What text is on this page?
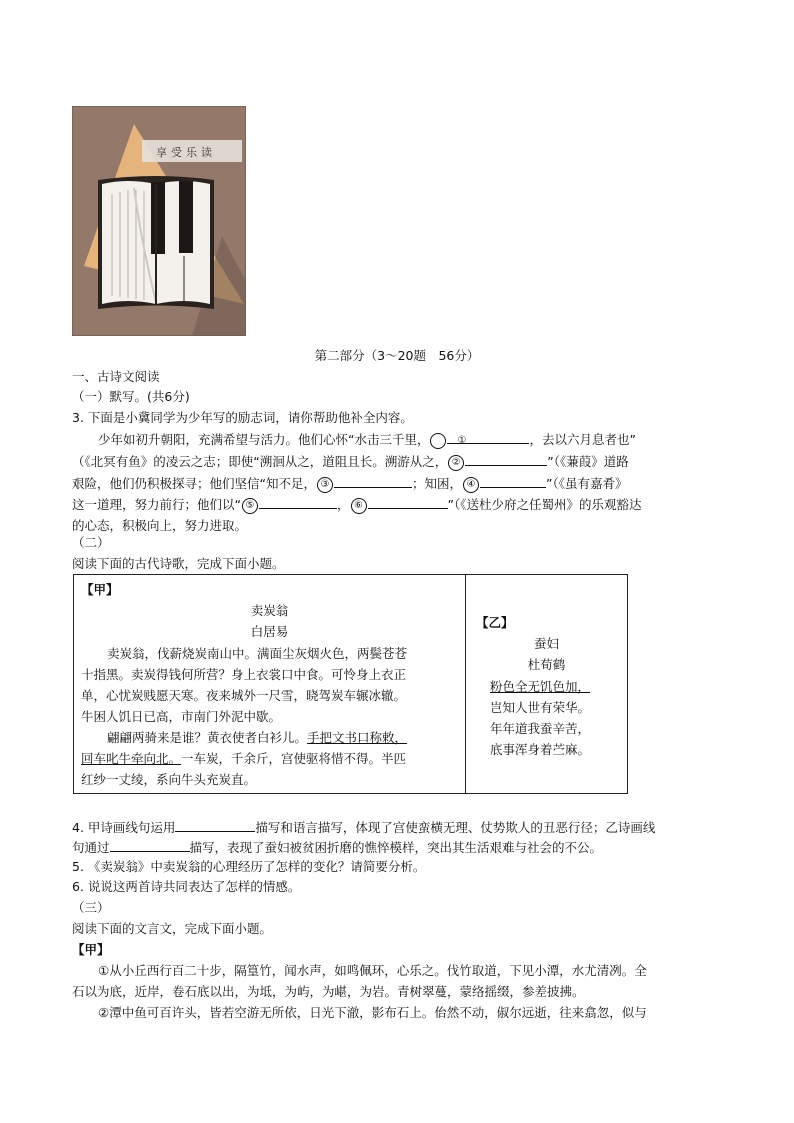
享受乐读
第二部分（3～20题　56分）
一、古诗文阅读
（一）默写。(共6分)
3. 下面是小冀同学为少年写的励志词，请你帮助他补全内容。
少年如初升朝阳，充满希望与活力。他们心怀“水击三千里，	①	，去以六月息者也”
（《北冥有鱼》的凌云之志；即使“溯洄从之，道阻且长。溯游从之， ②	”（《蒹葭》道路
艰险，他们仍积极探寻；他们坚信“知不足， ③	；知困， ④	”（《虽有嘉肴》
这一道理，努力前行；他们以“ ⑤	， ⑥	”（《送杜少府之任蜀州》的乐观豁达
的心态，积极向上，努力进取。
（二）
阅读下面的古代诗歌，完成下面小题。
【甲】
卖炭翁
白居易
卖炭翁，伐薪烧炭南山中。满面尘灰烟火色，两鬓苍苍
十指黑。卖炭得钱何所营？身上衣裳口中食。可怜身上衣正
单，心忧炭贱愿天寒。夜来城外一尺雪，晓驾炭车辗冰辙。
牛困人饥日已高，市南门外泥中歇。
翩翩两骑来是谁？黄衣使者白衫儿。手把文书口称敕，
回车叱牛牵向北。一车炭，千余斤，宫使驱将惜不得。半匹
红纱一丈绫，系向牛头充炭直。
【乙】
蚕妇
杜荀鹤
粉色全无饥色加，
岂知人世有荣华。
年年道我蚕辛苦，
底事浑身着苎麻。
4. 甲诗画线句运用	描写和语言描写，体现了宫使蛮横无理、仗势欺人的丑恶行径；乙诗画线
句通过	描写，表现了蚕妇被贫困折磨的憔悴模样，突出其生活艰难与社会的不公。
5. 《卖炭翁》中卖炭翁的心理经历了怎样的变化？请简要分析。
6. 说说这两首诗共同表达了怎样的情感。
（三）
阅读下面的文言文，完成下面小题。
【甲】
①从小丘西行百二十步，隔篁竹，闻水声，如鸣佩环，心乐之。伐竹取道，下见小潭，水尤清冽。全
石以为底，近岸，卷石底以出，为坻，为屿，为嵁，为岩。青树翠蔓，蒙络摇缀，参差披拂。
②潭中鱼可百许头，皆若空游无所依，日光下澈，影布石上。佁然不动，俶尔远逝，往来翕忽，似与
